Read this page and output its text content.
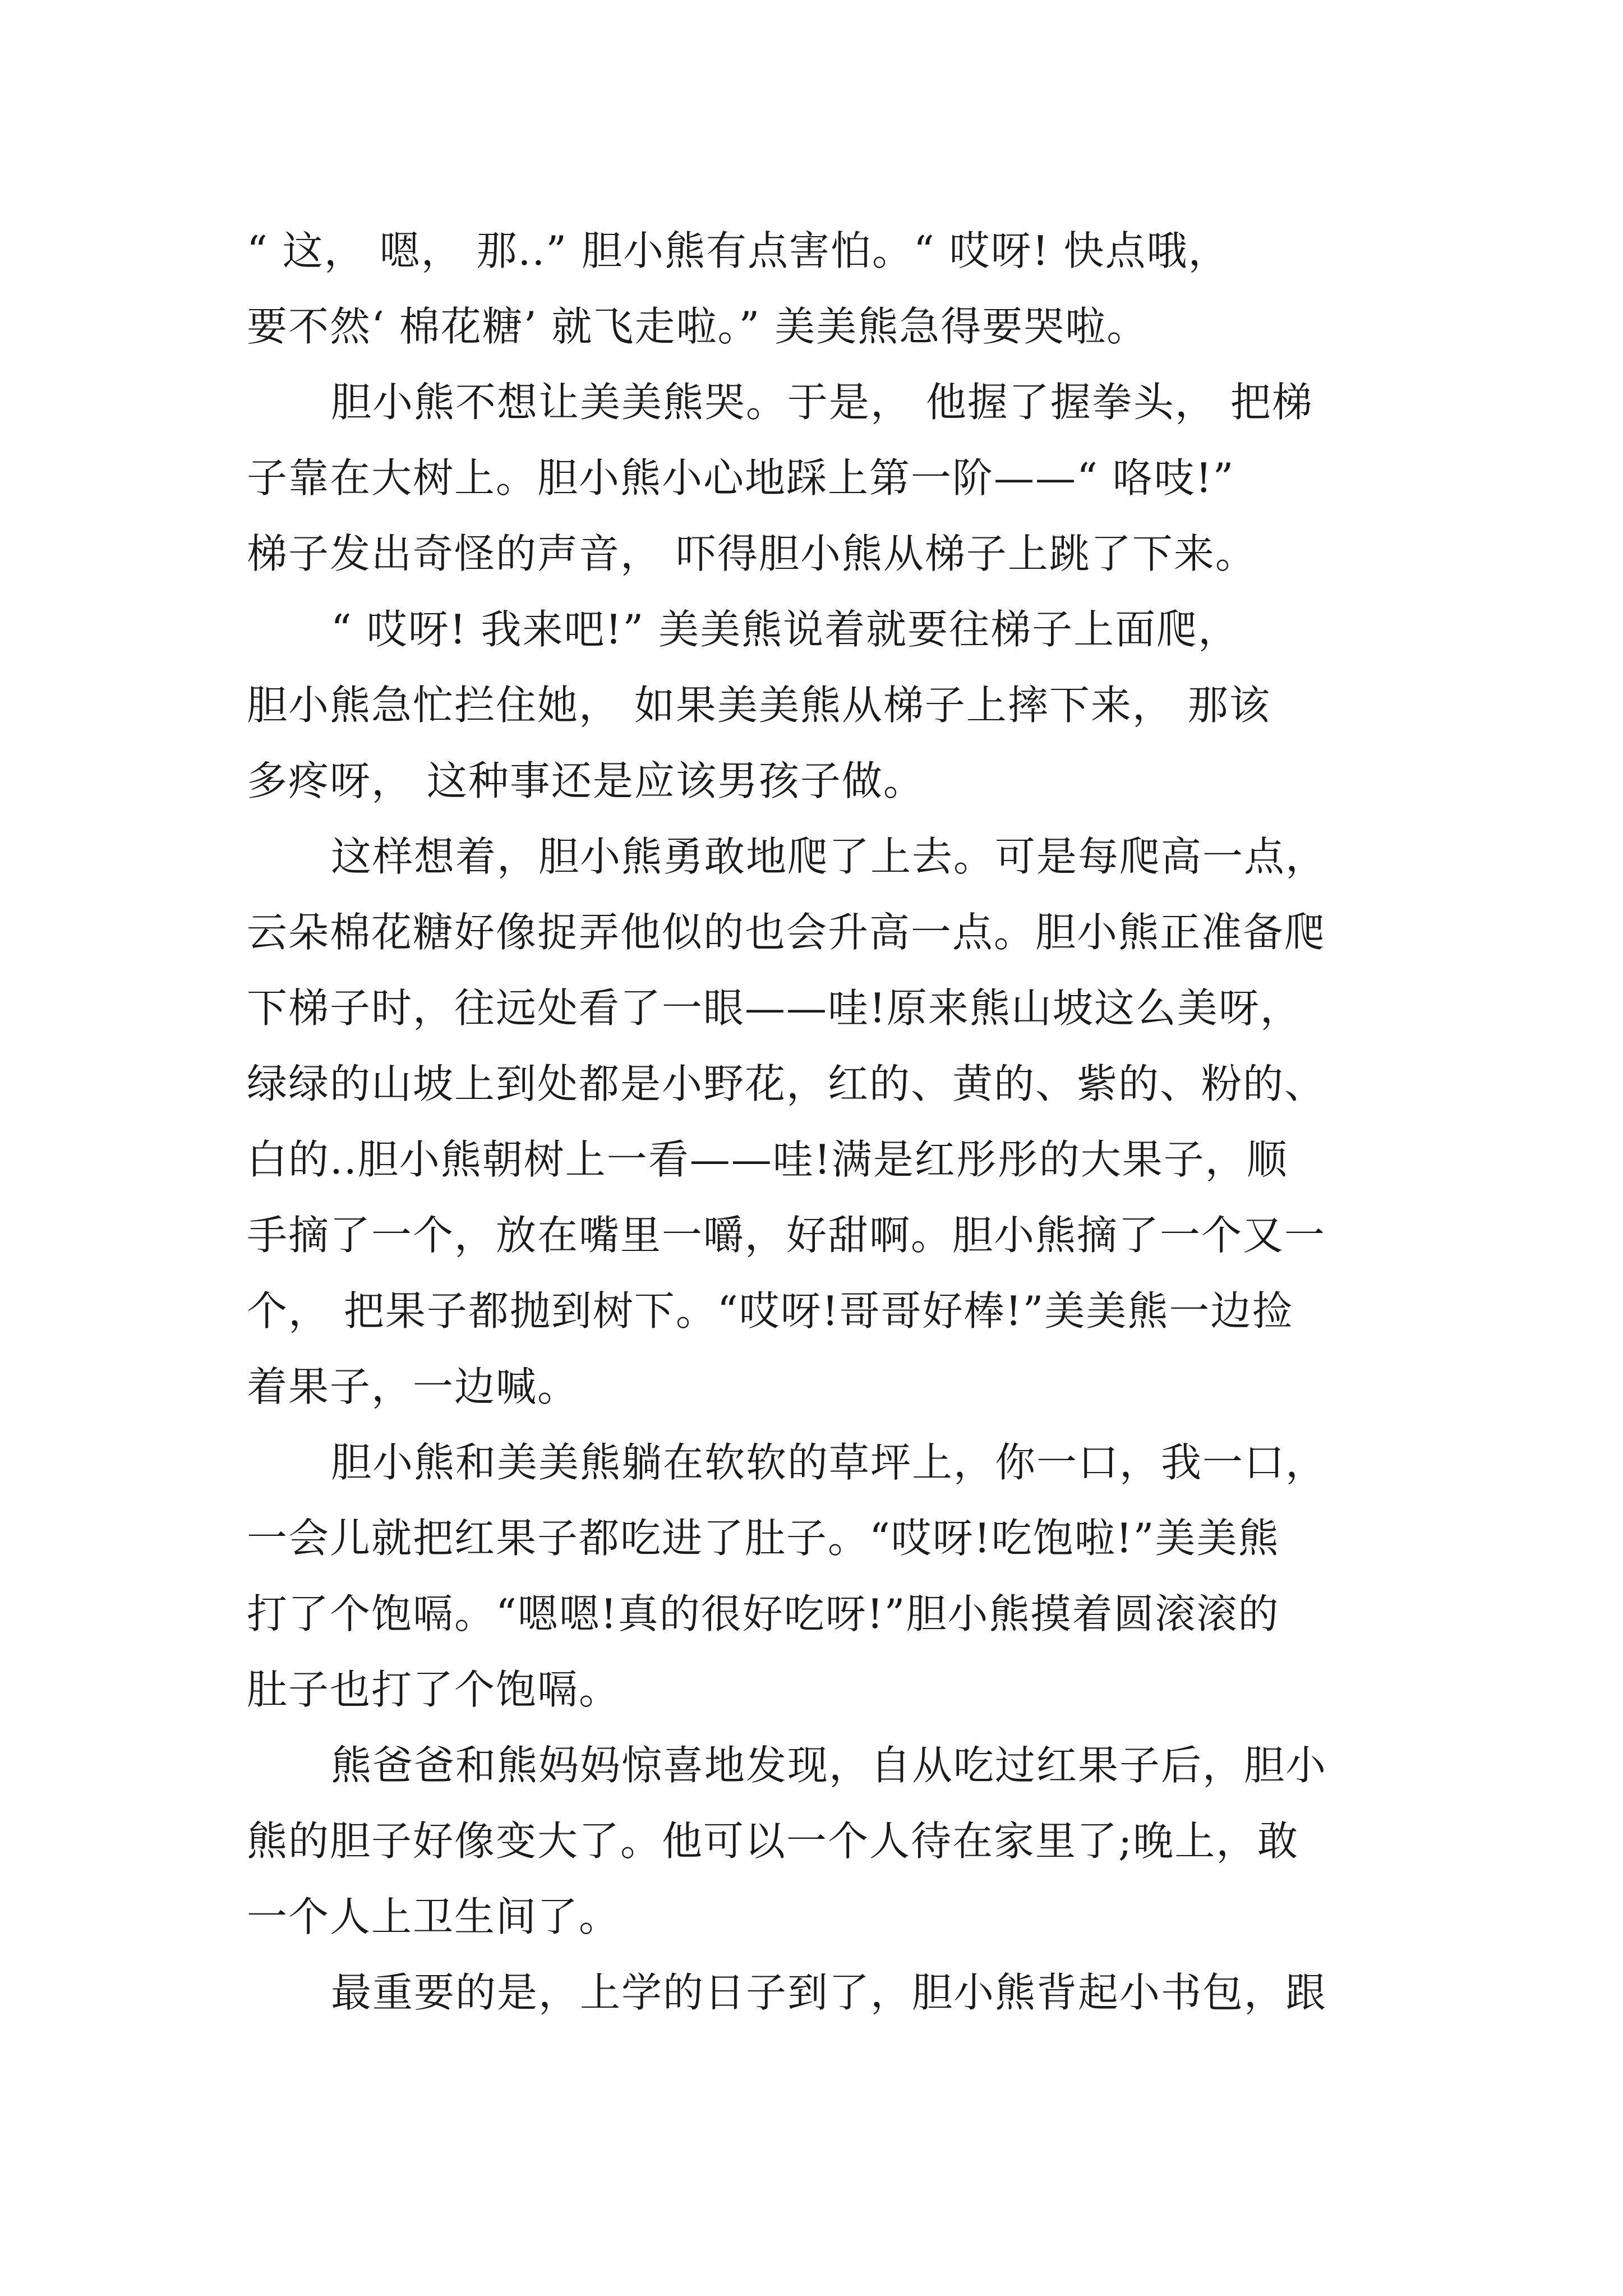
“ 这， 嗯， 那..” 胆小熊有点害怕。“ 哎呀! 快点哦，
要不然‘ 棉花糖’ 就飞走啦。” 美美熊急得要哭啦。
胆小熊不想让美美熊哭。于是， 他握了握拳头， 把梯
子靠在大树上。胆小熊小心地踩上第一阶——“ 咯吱!”
梯子发出奇怪的声音， 吓得胆小熊从梯子上跳了下来。
“ 哎呀! 我来吧!” 美美熊说着就要往梯子上面爬，
胆小熊急忙拦住她， 如果美美熊从梯子上摔下来， 那该
多疼呀， 这种事还是应该男孩子做。
这样想着，胆小熊勇敢地爬了上去。可是每爬高一点，
云朵棉花糖好像捉弄他似的也会升高一点。胆小熊正准备爬
下梯子时，往远处看了一眼——哇!原来熊山坡这么美呀，
绿绿的山坡上到处都是小野花，红的、黄的、紫的、粉的、
白的..胆小熊朝树上一看——哇!满是红彤彤的大果子，顺
手摘了一个，放在嘴里一嚼，好甜啊。胆小熊摘了一个又一
个， 把果子都抛到树下。“哎呀!哥哥好棒!”美美熊一边捡
着果子，一边喊。
胆小熊和美美熊躺在软软的草坪上，你一口，我一口，
一会儿就把红果子都吃进了肚子。“哎呀!吃饱啦!”美美熊
打了个饱嗝。“嗯嗯!真的很好吃呀!”胆小熊摸着圆滚滚的
肚子也打了个饱嗝。
熊爸爸和熊妈妈惊喜地发现，自从吃过红果子后，胆小
熊的胆子好像变大了。他可以一个人待在家里了;晚上，敢
一个人上卫生间了。
最重要的是，上学的日子到了，胆小熊背起小书包，跟
